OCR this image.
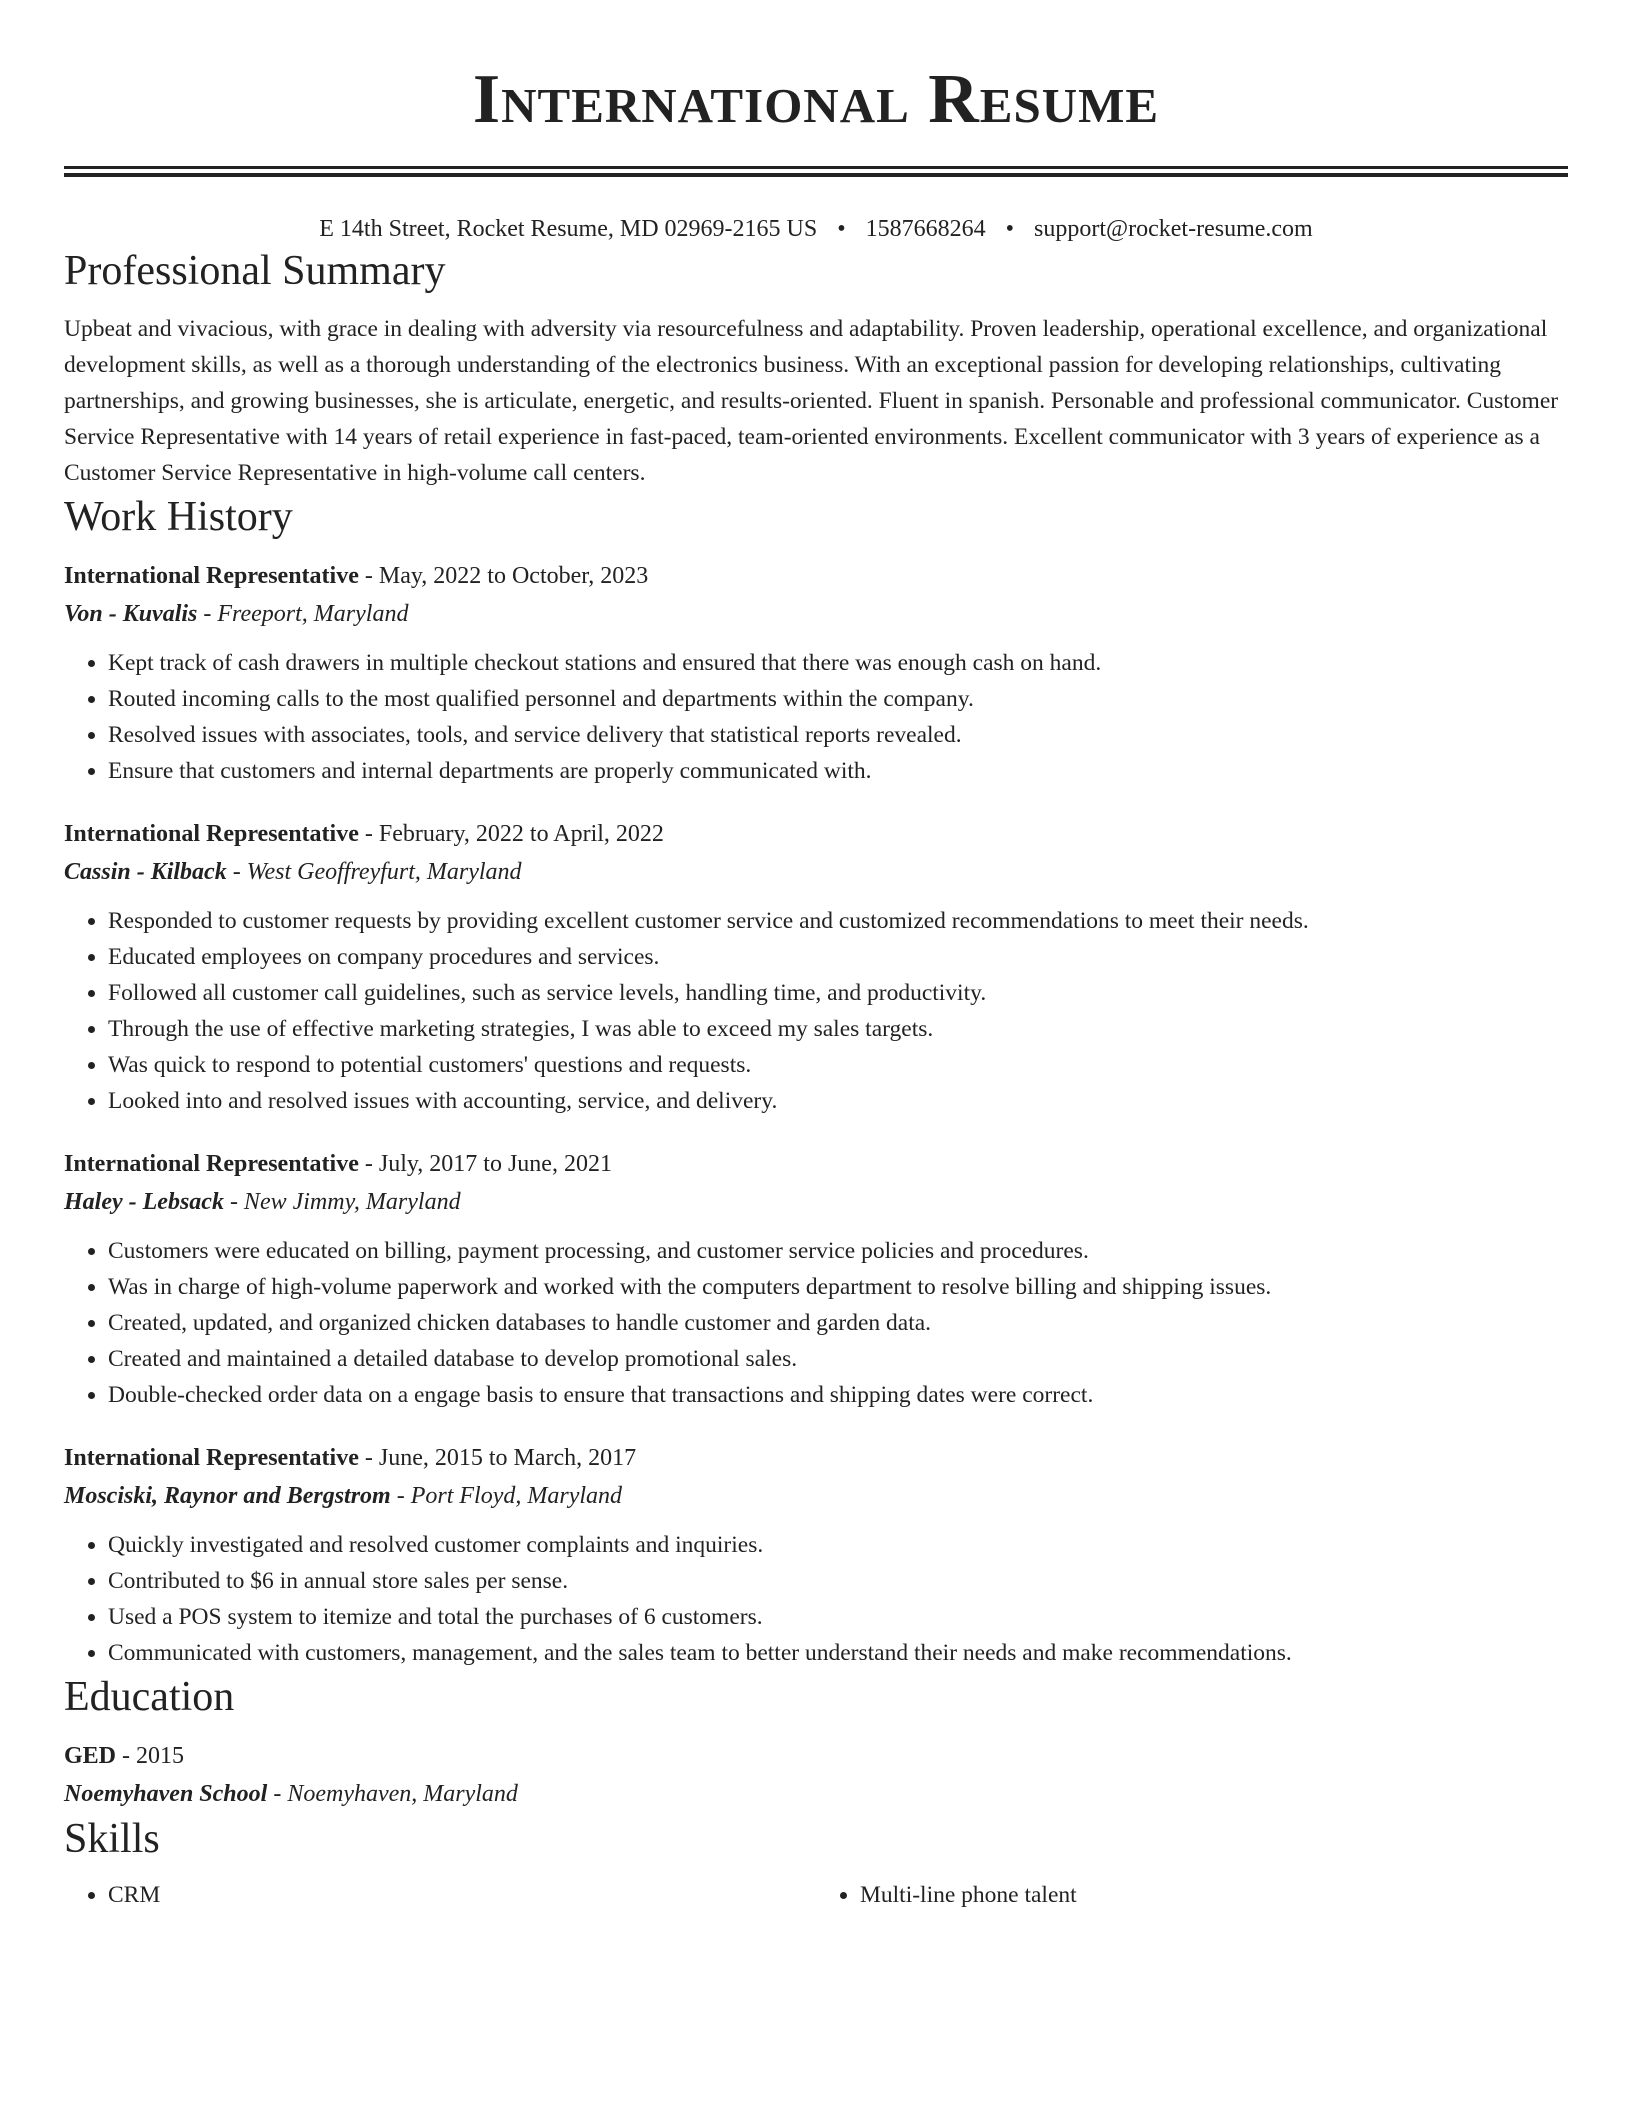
International Resume
E 14th Street, Rocket Resume, MD 02969-2165 US • 1587668264 • support@rocket-resume.com
Professional Summary

Upbeat and vivacious, with grace in dealing with adversity via resourcefulness and adaptability. Proven leadership, operational excellence, and organizational development skills, as well as a thorough understanding of the electronics business. With an exceptional passion for developing relationships, cultivating partnerships, and growing businesses, she is articulate, energetic, and results-oriented. Fluent in spanish. Personable and professional communicator. Customer Service Representative with 14 years of retail experience in fast-paced, team-oriented environments. Excellent communicator with 3 years of experience as a Customer Service Representative in high-volume call centers.

Work History
International Representative - May, 2022 to October, 2023
Von - Kuvalis - Freeport, Maryland
• Kept track of cash drawers in multiple checkout stations and ensured that there was enough cash on hand.
• Routed incoming calls to the most qualified personnel and departments within the company.
• Resolved issues with associates, tools, and service delivery that statistical reports revealed.
• Ensure that customers and internal departments are properly communicated with.
International Representative - February, 2022 to April, 2022
Cassin - Kilback - West Geoffreyfurt, Maryland
• Responded to customer requests by providing excellent customer service and customized recommendations to meet their needs.
• Educated employees on company procedures and services.
• Followed all customer call guidelines, such as service levels, handling time, and productivity.
• Through the use of effective marketing strategies, I was able to exceed my sales targets.
• Was quick to respond to potential customers' questions and requests.
• Looked into and resolved issues with accounting, service, and delivery.
International Representative - July, 2017 to June, 2021
Haley - Lebsack - New Jimmy, Maryland
• Customers were educated on billing, payment processing, and customer service policies and procedures.
• Was in charge of high-volume paperwork and worked with the computers department to resolve billing and shipping issues.
• Created, updated, and organized chicken databases to handle customer and garden data.
• Created and maintained a detailed database to develop promotional sales.
• Double-checked order data on a engage basis to ensure that transactions and shipping dates were correct.
International Representative - June, 2015 to March, 2017
Mosciski, Raynor and Bergstrom - Port Floyd, Maryland
• Quickly investigated and resolved customer complaints and inquiries.
• Contributed to $6 in annual store sales per sense.
• Used a POS system to itemize and total the purchases of 6 customers.
• Communicated with customers, management, and the sales team to better understand their needs and make recommendations.
Education
GED - 2015
Noemyhaven School - Noemyhaven, Maryland
Skills
• CRM
•	Multi-line phone talent
